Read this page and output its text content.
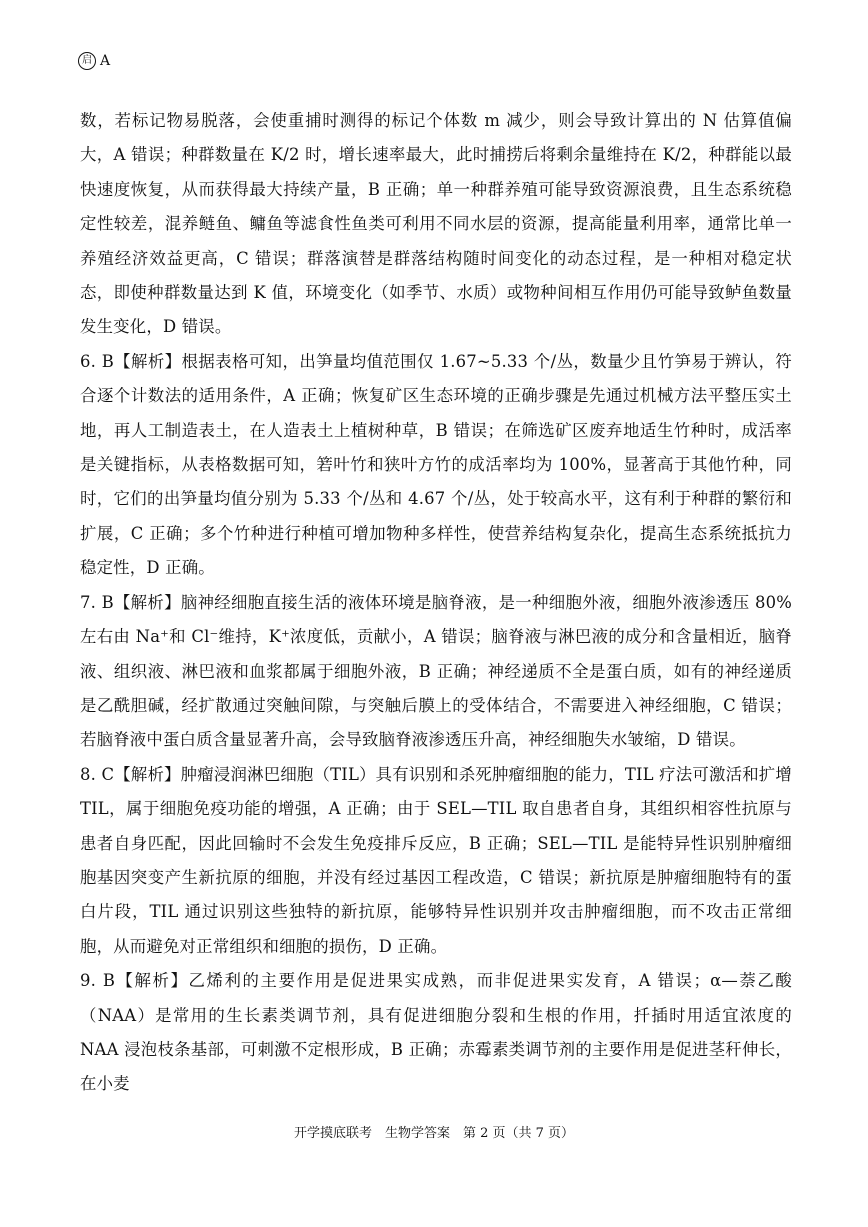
启 A

数，若标记物易脱落，会使重捕时测得的标记个体数 m 减少，则会导致计算出的 N 估算值偏大，A 错误；种群数量在 K/2 时，增长速率最大，此时捕捞后将剩余量维持在 K/2，种群能以最快速度恢复，从而获得最大持续产量，B 正确；单一种群养殖可能导致资源浪费，且生态系统稳定性较差，混养鲢鱼、鳙鱼等滤食性鱼类可利用不同水层的资源，提高能量利用率，通常比单一养殖经济效益更高，C 错误；群落演替是群落结构随时间变化的动态过程，是一种相对稳定状态，即使种群数量达到 K 值，环境变化（如季节、水质）或物种间相互作用仍可能导致鲈鱼数量发生变化，D 错误。

6. B【解析】根据表格可知，出笋量均值范围仅 1.67~5.33 个/丛，数量少且竹笋易于辨认，符合逐个计数法的适用条件，A 正确；恢复矿区生态环境的正确步骤是先通过机械方法平整压实土地，再人工制造表土，在人造表土上植树种草，B 错误；在筛选矿区废弃地适生竹种时，成活率是关键指标，从表格数据可知，箬叶竹和狭叶方竹的成活率均为 100%，显著高于其他竹种，同时，它们的出笋量均值分别为 5.33 个/丛和 4.67 个/丛，处于较高水平，这有利于种群的繁衍和扩展，C 正确；多个竹种进行种植可增加物种多样性，使营养结构复杂化，提高生态系统抵抗力稳定性，D 正确。

7. B【解析】脑神经细胞直接生活的液体环境是脑脊液，是一种细胞外液，细胞外液渗透压 80%左右由 Na⁺和 Cl⁻维持，K⁺浓度低，贡献小，A 错误；脑脊液与淋巴液的成分和含量相近，脑脊液、组织液、淋巴液和血浆都属于细胞外液，B 正确；神经递质不全是蛋白质，如有的神经递质是乙酰胆碱，经扩散通过突触间隙，与突触后膜上的受体结合，不需要进入神经细胞，C 错误；若脑脊液中蛋白质含量显著升高，会导致脑脊液渗透压升高，神经细胞失水皱缩，D 错误。

8. C【解析】肿瘤浸润淋巴细胞（TIL）具有识别和杀死肿瘤细胞的能力，TIL 疗法可激活和扩增 TIL，属于细胞免疫功能的增强，A 正确；由于 SEL—TIL 取自患者自身，其组织相容性抗原与患者自身匹配，因此回输时不会发生免疫排斥反应，B 正确；SEL—TIL 是能特异性识别肿瘤细胞基因突变产生新抗原的细胞，并没有经过基因工程改造，C 错误；新抗原是肿瘤细胞特有的蛋白片段，TIL 通过识别这些独特的新抗原，能够特异性识别并攻击肿瘤细胞，而不攻击正常细胞，从而避免对正常组织和细胞的损伤，D 正确。

9. B【解析】乙烯利的主要作用是促进果实成熟，而非促进果实发育，A 错误；α—萘乙酸（NAA）是常用的生长素类调节剂，具有促进细胞分裂和生根的作用，扦插时用适宜浓度的 NAA 浸泡枝条基部，可刺激不定根形成，B 正确；赤霉素类调节剂的主要作用是促进茎秆伸长，在小麦

开学摸底联考　生物学答案　第 2 页（共 7 页）
